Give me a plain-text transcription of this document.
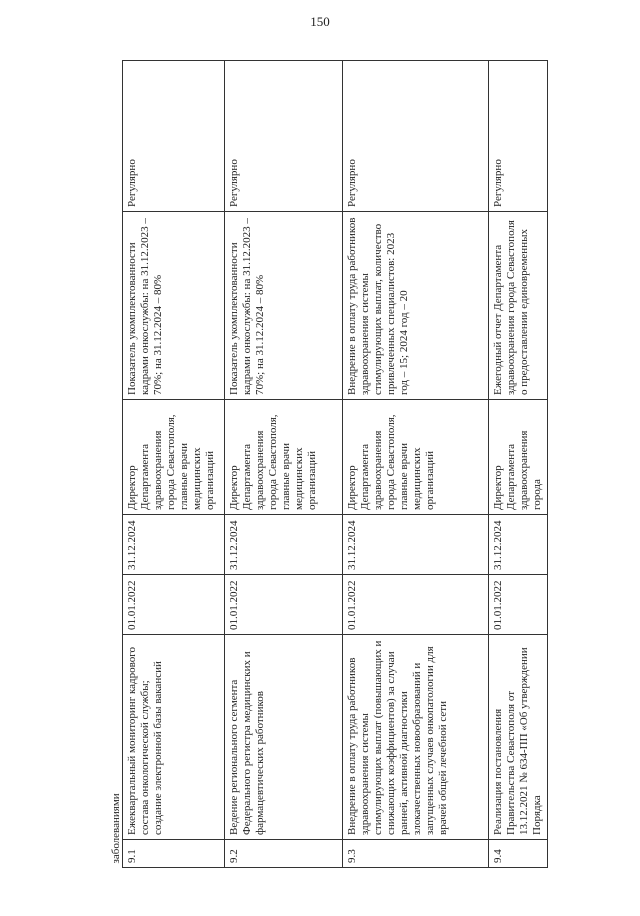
150
заболеваниями						
9.1	Ежеквартальный мониторинг кадрового состава онкологической службы; создание электронной базы вакансий	01.01.2022	31.12.2024	Директор Департамента здравоохранения города Севастополя, главные врачи медицинских организаций	Показатель укомплектованности кадрами онкослужбы: на 31.12.2023 – 70%; на 31.12.2024 – 80%	Регулярно
9.2	Ведение регионального сегмента Федерального регистра медицинских и фармацевтических работников	01.01.2022	31.12.2024	Директор Департамента здравоохранения города Севастополя, главные врачи медицинских организаций	Показатель укомплектованности кадрами онкослужбы: на 31.12.2023 – 70%; на 31.12.2024 – 80%	Регулярно
9.3	Внедрение в оплату труда работников здравоохранения системы стимулирующих выплат (повышающих и снижающих коэффициентов) за случаи ранней, активной диагностики злокачественных новообразований и запущенных случаев онкопатологии для врачей общей лечебной сети	01.01.2022	31.12.2024	Директор Департамента здравоохранения города Севастополя, главные врачи медицинских организаций	Внедрение в оплату труда работников здравоохранения системы стимулирующих выплат, количество привлеченных специалистов: 2023 год – 15; 2024 год – 20	Регулярно
9.4	Реализация постановления Правительства Севастополя от 13.12.2021 № 634-ПП «Об утверждении Порядка	01.01.2022	31.12.2024	Директор Департамента здравоохранения города	Ежегодный отчет Департамента здравоохранения города Севастополя о предоставлении единовременных	Регулярно
